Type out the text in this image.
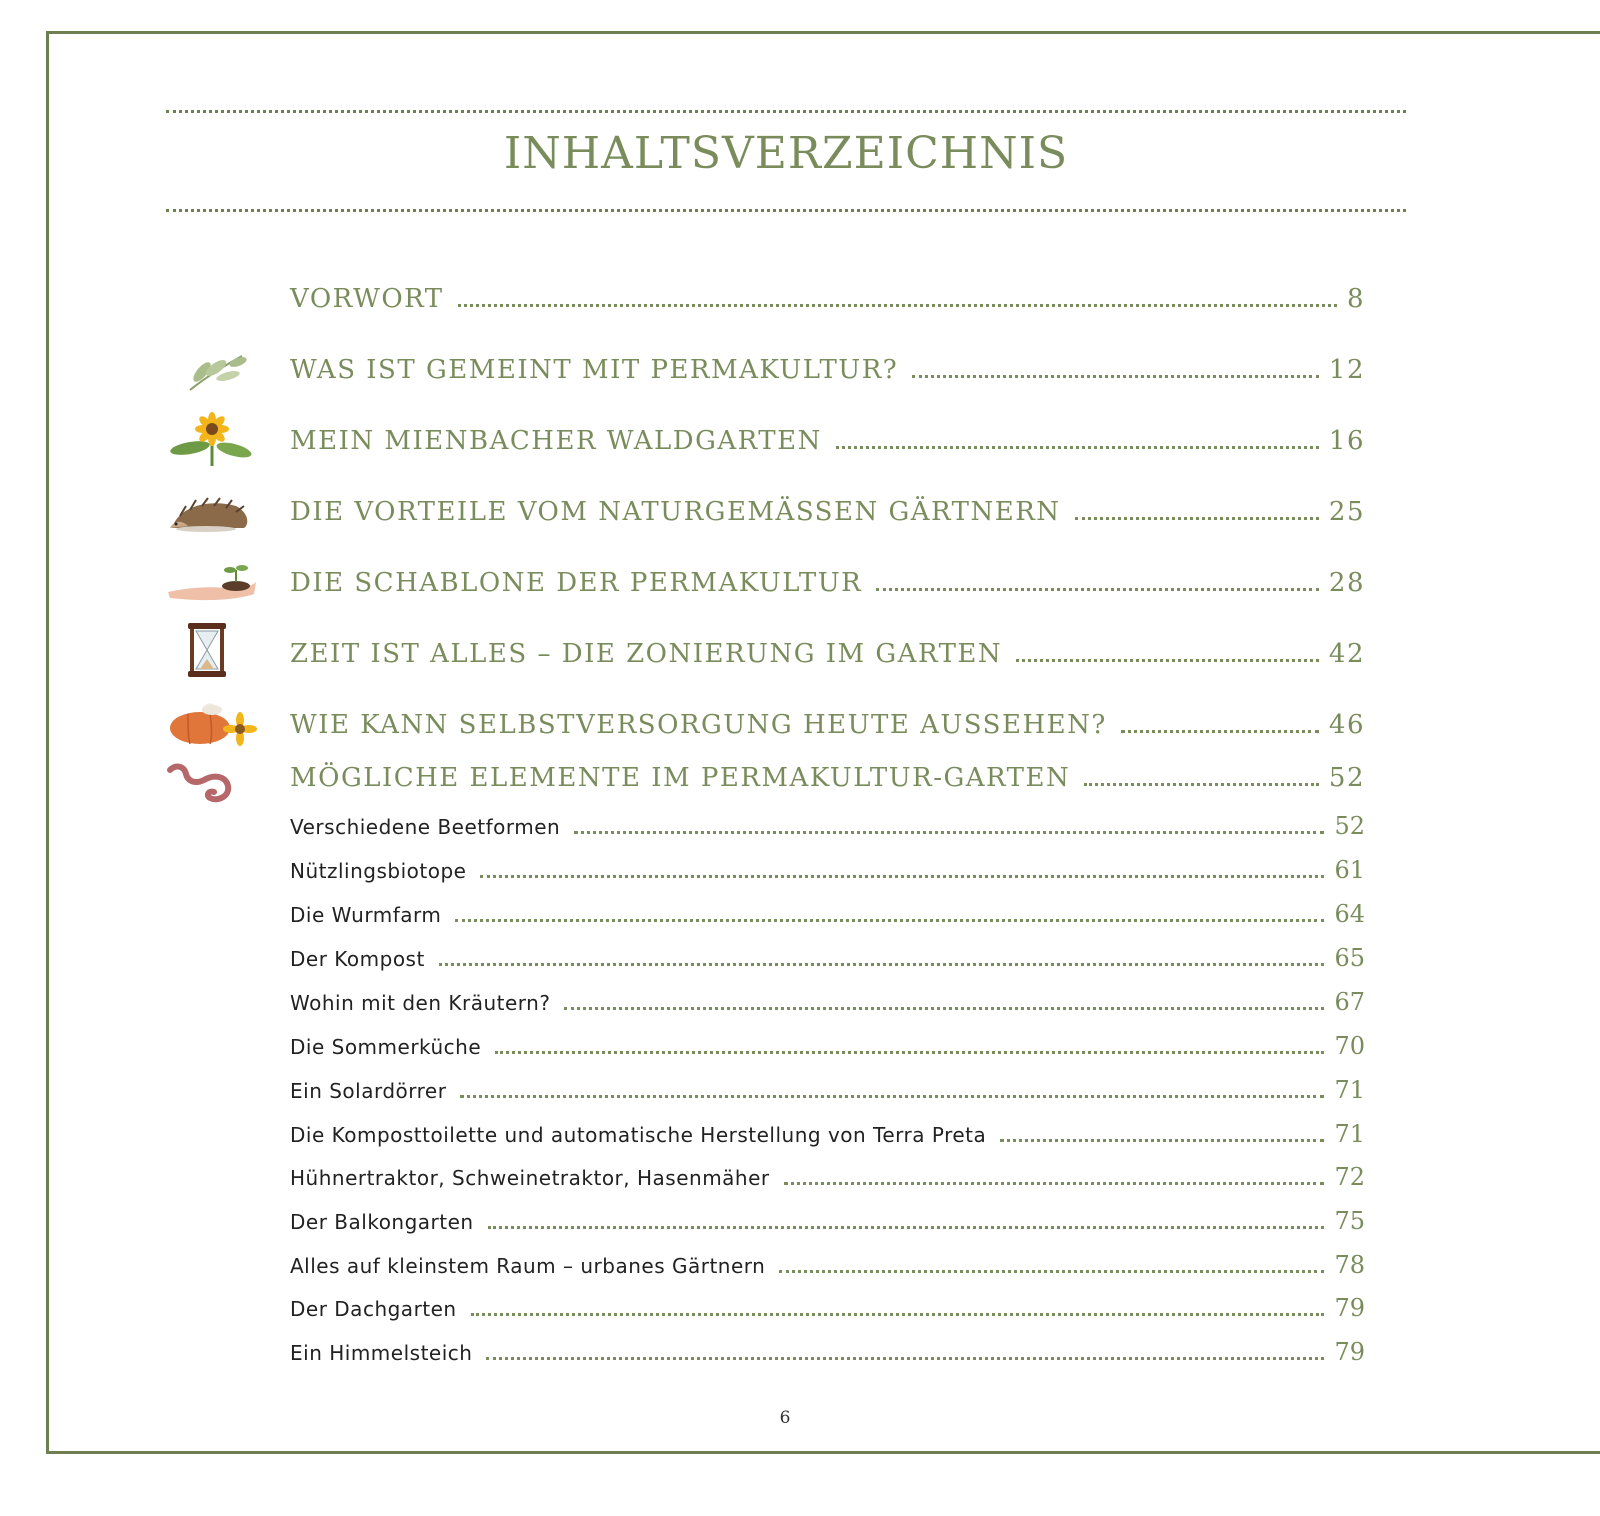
INHALTSVERZEICHNIS
VORWORT	8
WAS IST GEMEINT MIT PERMAKULTUR?	12
MEIN MIENBACHER WALDGARTEN	16
DIE VORTEILE VOM NATURGEMÄSSEN GÄRTNERN	25
DIE SCHABLONE DER PERMAKULTUR	28
ZEIT IST ALLES – DIE ZONIERUNG IM GARTEN	42
WIE KANN SELBSTVERSORGUNG HEUTE AUSSEHEN?	46
MÖGLICHE ELEMENTE IM PERMAKULTUR-GARTEN	52
Verschiedene Beetformen	52
Nützlingsbiotope	61
Die Wurmfarm	64
Der Kompost	65
Wohin mit den Kräutern?	67
Die Sommerküche	70
Ein Solardörrer	71
Die Komposttoilette und automatische Herstellung von Terra Preta	71
Hühnertraktor, Schweinetraktor, Hasenmäher	72
Der Balkongarten	75
Alles auf kleinstem Raum – urbanes Gärtnern	78
Der Dachgarten	79
Ein Himmelsteich	79
6
